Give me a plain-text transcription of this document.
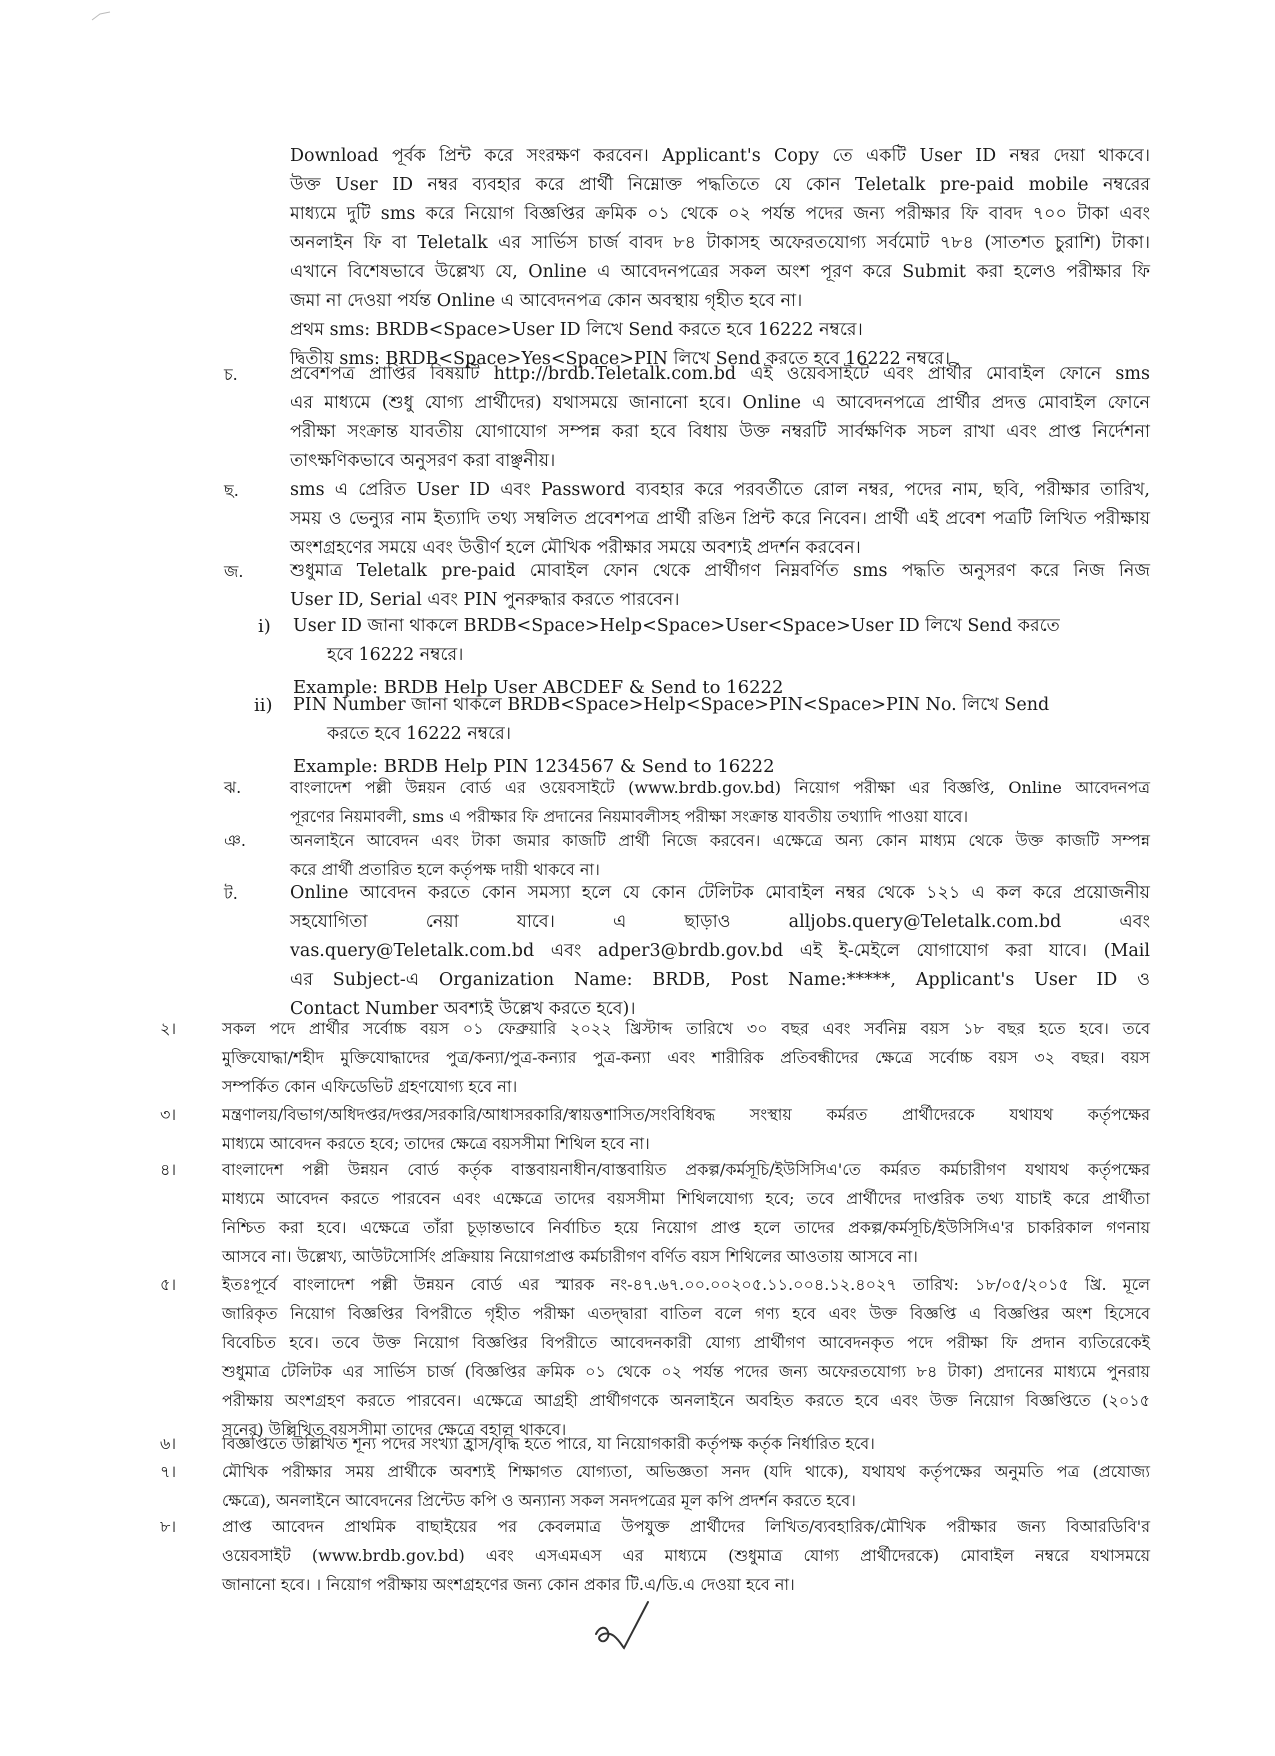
Download পূর্বক প্রিন্ট করে সংরক্ষণ করবেন। Applicant's Copy তে একটি User ID নম্বর দেয়া থাকবে।
উক্ত User ID নম্বর ব্যবহার করে প্রার্থী নিম্নোক্ত পদ্ধতিতে যে কোন Teletalk pre-paid mobile নম্বরের
মাধ্যমে দুটি sms করে নিয়োগ বিজ্ঞপ্তির ক্রমিক ০১ থেকে ০২ পর্যন্ত পদের জন্য পরীক্ষার ফি বাবদ ৭০০ টাকা এবং
অনলাইন ফি বা Teletalk এর সার্ভিস চার্জ বাবদ ৮৪ টাকাসহ অফেরতযোগ্য সর্বমোট ৭৮৪ (সাতশত চুরাশি) টাকা।
এখানে বিশেষভাবে উল্লেখ্য যে, Online এ আবেদনপত্রের সকল অংশ পূরণ করে Submit করা হলেও পরীক্ষার ফি
জমা না দেওয়া পর্যন্ত Online এ আবেদনপত্র কোন অবস্থায় গৃহীত হবে না।
প্রথম sms: BRDB<Space>User ID লিখে Send করতে হবে 16222 নম্বরে।
দ্বিতীয় sms: BRDB<Space>Yes<Space>PIN লিখে Send করতে হবে 16222 নম্বরে।
চ.	প্রবেশপত্র প্রাপ্তির বিষয়টি http://brdb.Teletalk.com.bd এই ওয়েবসাইটে এবং প্রার্থীর মোবাইল ফোনে sms
এর মাধ্যমে (শুধু যোগ্য প্রার্থীদের) যথাসময়ে জানানো হবে। Online এ আবেদনপত্রে প্রার্থীর প্রদত্ত মোবাইল ফোনে
পরীক্ষা সংক্রান্ত যাবতীয় যোগাযোগ সম্পন্ন করা হবে বিধায় উক্ত নম্বরটি সার্বক্ষণিক সচল রাখা এবং প্রাপ্ত নির্দেশনা
তাৎক্ষণিকভাবে অনুসরণ করা বাঞ্ছনীয়।
ছ.	sms এ প্রেরিত User ID এবং Password ব্যবহার করে পরবর্তীতে রোল নম্বর, পদের নাম, ছবি, পরীক্ষার তারিখ,
সময় ও ভেন্যুর নাম ইত্যাদি তথ্য সম্বলিত প্রবেশপত্র প্রার্থী রঙিন প্রিন্ট করে নিবেন। প্রার্থী এই প্রবেশ পত্রটি লিখিত পরীক্ষায়
অংশগ্রহণের সময়ে এবং উত্তীর্ণ হলে মৌখিক পরীক্ষার সময়ে অবশ্যই প্রদর্শন করবেন।
জ.	শুধুমাত্র Teletalk pre-paid মোবাইল ফোন থেকে প্রার্থীগণ নিম্নবর্ণিত sms পদ্ধতি অনুসরণ করে নিজ নিজ
User ID, Serial এবং PIN পুনরুদ্ধার করতে পারবেন।
i) User ID জানা থাকলে BRDB<Space>Help<Space>User<Space>User ID লিখে Send করতে
হবে 16222 নম্বরে।
Example: BRDB Help User ABCDEF & Send to 16222
ii) PIN Number জানা থাকলে BRDB<Space>Help<Space>PIN<Space>PIN No. লিখে Send
করতে হবে 16222 নম্বরে।
Example: BRDB Help PIN 1234567 & Send to 16222
ঝ.	বাংলাদেশ পল্লী উন্নয়ন বোর্ড এর ওয়েবসাইটে (www.brdb.gov.bd) নিয়োগ পরীক্ষা এর বিজ্ঞপ্তি, Online আবেদনপত্র
পূরণের নিয়মাবলী, sms এ পরীক্ষার ফি প্রদানের নিয়মাবলীসহ পরীক্ষা সংক্রান্ত যাবতীয় তথ্যাদি পাওয়া যাবে।
ঞ.	অনলাইনে আবেদন এবং টাকা জমার কাজটি প্রার্থী নিজে করবেন। এক্ষেত্রে অন্য কোন মাধ্যম থেকে উক্ত কাজটি সম্পন্ন
করে প্রার্থী প্রতারিত হলে কর্তৃপক্ষ দায়ী থাকবে না।
ট.	Online আবেদন করতে কোন সমস্যা হলে যে কোন টেলিটক মোবাইল নম্বর থেকে ১২১ এ কল করে প্রয়োজনীয়
সহযোগিতা নেয়া যাবে। এ ছাড়াও alljobs.query@Teletalk.com.bd এবং
vas.query@Teletalk.com.bd এবং adper3@brdb.gov.bd এই ই-মেইলে যোগাযোগ করা যাবে। (Mail
এর Subject-এ Organization Name: BRDB, Post Name:*****, Applicant's User ID ও
Contact Number অবশ্যই উল্লেখ করতে হবে)।
২।	সকল পদে প্রার্থীর সর্বোচ্চ বয়স ০১ ফেব্রুয়ারি ২০২২ খ্রিস্টাব্দ তারিখে ৩০ বছর এবং সর্বনিম্ন বয়স ১৮ বছর হতে হবে। তবে
মুক্তিযোদ্ধা/শহীদ মুক্তিযোদ্ধাদের পুত্র/কন্যা/পুত্র-কন্যার পুত্র-কন্যা এবং শারীরিক প্রতিবন্ধীদের ক্ষেত্রে সর্বোচ্চ বয়স ৩২ বছর। বয়স
সম্পর্কিত কোন এফিডেভিট গ্রহণযোগ্য হবে না।
৩।	মন্ত্রণালয়/বিভাগ/অধিদপ্তর/দপ্তর/সরকারি/আধাসরকারি/স্বায়ত্তশাসিত/সংবিধিবদ্ধ সংস্থায় কর্মরত প্রার্থীদেরকে যথাযথ কর্তৃপক্ষের
মাধ্যমে আবেদন করতে হবে; তাদের ক্ষেত্রে বয়সসীমা শিথিল হবে না।
৪।	বাংলাদেশ পল্লী উন্নয়ন বোর্ড কর্তৃক বাস্তবায়নাধীন/বাস্তবায়িত প্রকল্প/কর্মসূচি/ইউসিসিএ'তে কর্মরত কর্মচারীগণ যথাযথ কর্তৃপক্ষের
মাধ্যমে আবেদন করতে পারবেন এবং এক্ষেত্রে তাদের বয়সসীমা শিথিলযোগ্য হবে; তবে প্রার্থীদের দাপ্তরিক তথ্য যাচাই করে প্রার্থীতা
নিশ্চিত করা হবে। এক্ষেত্রে তাঁরা চূড়ান্তভাবে নির্বাচিত হয়ে নিয়োগ প্রাপ্ত হলে তাদের প্রকল্প/কর্মসূচি/ইউসিসিএ'র চাকরিকাল গণনায়
আসবে না। উল্লেখ্য, আউটসোর্সিং প্রক্রিয়ায় নিয়োগপ্রাপ্ত কর্মচারীগণ বর্ণিত বয়স শিথিলের আওতায় আসবে না।
৫।	ইতঃপূর্বে বাংলাদেশ পল্লী উন্নয়ন বোর্ড এর স্মারক নং-৪৭.৬৭.০০.০০২০৫.১১.০০৪.১২.৪০২৭ তারিখ: ১৮/০৫/২০১৫ খ্রি. মূলে
জারিকৃত নিয়োগ বিজ্ঞপ্তির বিপরীতে গৃহীত পরীক্ষা এতদ্দ্বারা বাতিল বলে গণ্য হবে এবং উক্ত বিজ্ঞপ্তি এ বিজ্ঞপ্তির অংশ হিসেবে
বিবেচিত হবে। তবে উক্ত নিয়োগ বিজ্ঞপ্তির বিপরীতে আবেদনকারী যোগ্য প্রার্থীগণ আবেদনকৃত পদে পরীক্ষা ফি প্রদান ব্যতিরেকেই
শুধুমাত্র টেলিটক এর সার্ভিস চার্জ (বিজ্ঞপ্তির ক্রমিক ০১ থেকে ০২ পর্যন্ত পদের জন্য অফেরতযোগ্য ৮৪ টাকা) প্রদানের মাধ্যমে পুনরায়
পরীক্ষায় অংশগ্রহণ করতে পারবেন। এক্ষেত্রে আগ্রহী প্রার্থীগণকে অনলাইনে অবহিত করতে হবে এবং উক্ত নিয়োগ বিজ্ঞপ্তিতে (২০১৫
সনের) উল্লিখিত বয়সসীমা তাদের ক্ষেত্রে বহাল থাকবে।
৬।	বিজ্ঞপ্তিতে উল্লিখিত শূন্য পদের সংখ্যা হ্রাস/বৃদ্ধি হতে পারে, যা নিয়োগকারী কর্তৃপক্ষ কর্তৃক নির্ধারিত হবে।
৭।	মৌখিক পরীক্ষার সময় প্রার্থীকে অবশ্যই শিক্ষাগত যোগ্যতা, অভিজ্ঞতা সনদ (যদি থাকে), যথাযথ কর্তৃপক্ষের অনুমতি পত্র (প্রযোজ্য
ক্ষেত্রে), অনলাইনে আবেদনের প্রিন্টেড কপি ও অন্যান্য সকল সনদপত্রের মূল কপি প্রদর্শন করতে হবে।
৮।	প্রাপ্ত আবেদন প্রাথমিক বাছাইয়ের পর কেবলমাত্র উপযুক্ত প্রার্থীদের লিখিত/ব্যবহারিক/মৌখিক পরীক্ষার জন্য বিআরডিবি'র
ওয়েবসাইট (www.brdb.gov.bd) এবং এসএমএস এর মাধ্যমে (শুধুমাত্র যোগ্য প্রার্থীদেরকে) মোবাইল নম্বরে যথাসময়ে
জানানো হবে। । নিয়োগ পরীক্ষায় অংশগ্রহণের জন্য কোন প্রকার টি.এ/ডি.এ দেওয়া হবে না।
